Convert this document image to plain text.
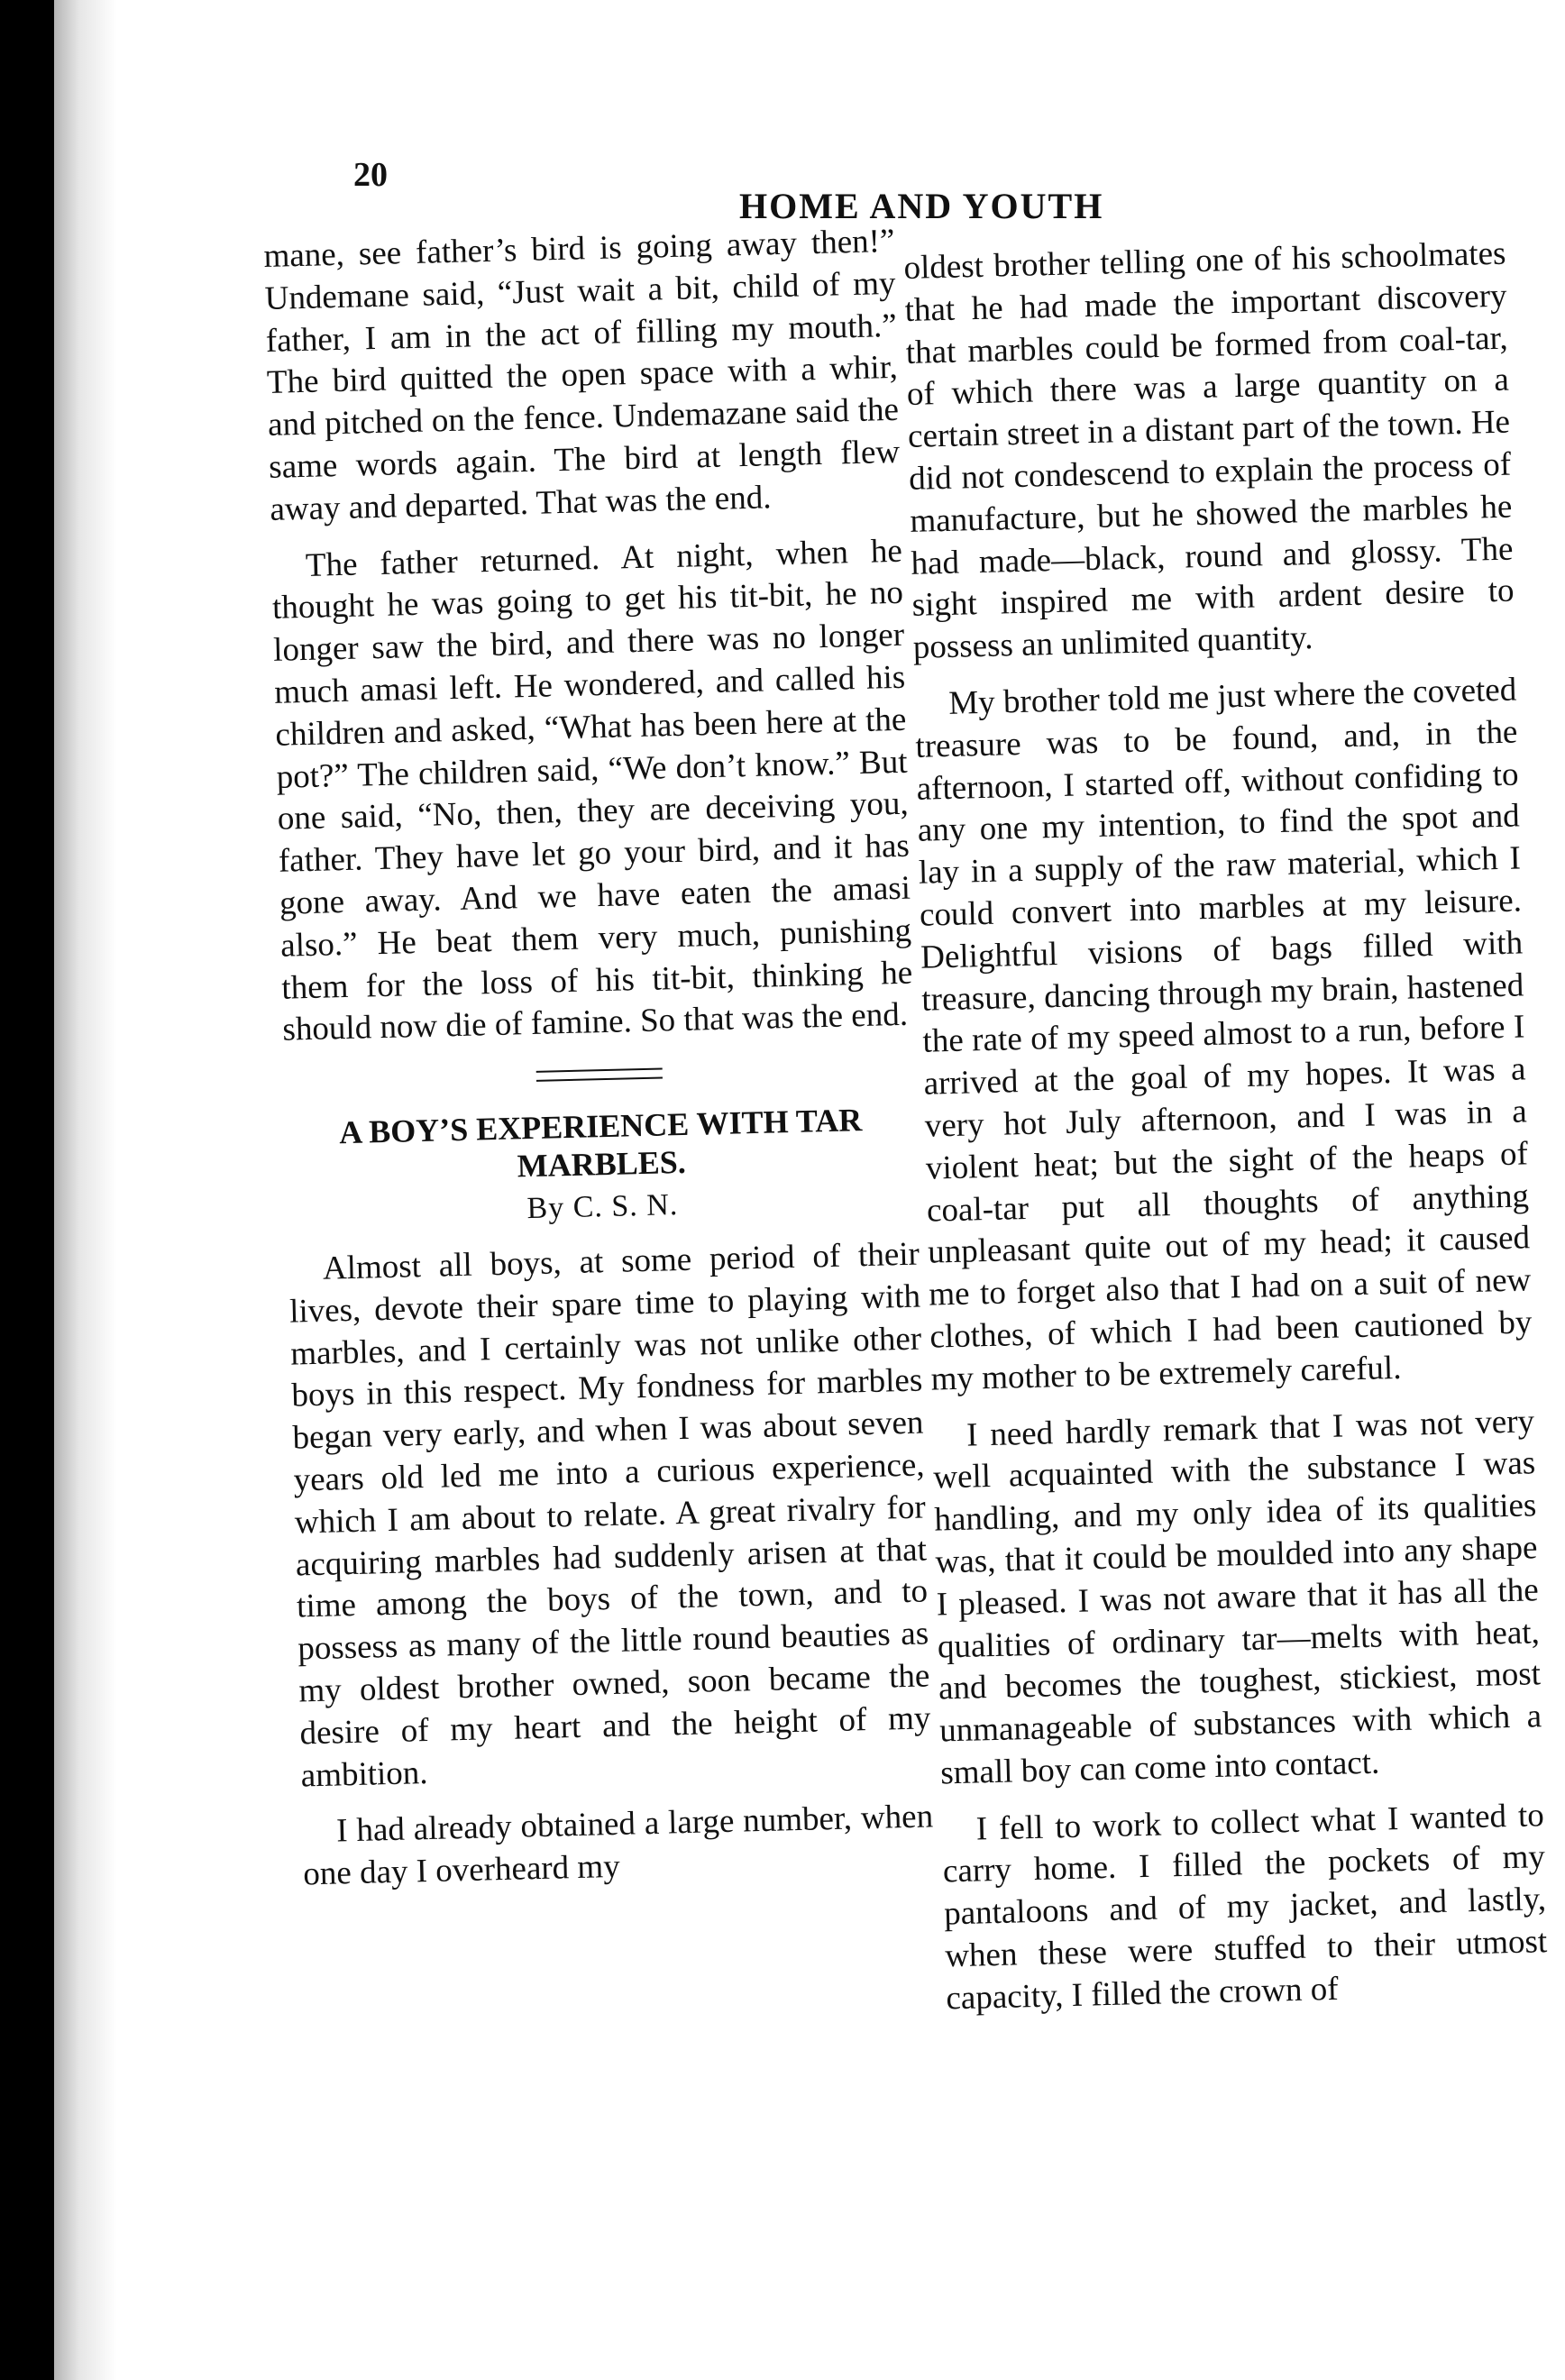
20
HOME AND YOUTH

mane, see father’s bird is going away then!” Undemane said, “Just wait a bit, child of my father, I am in the act of filling my mouth.” The bird quitted the open space with a whir, and pitched on the fence. Undemazane said the same words again. The bird at length flew away and departed. That was the end.

The father returned. At night, when he thought he was going to get his tit-bit, he no longer saw the bird, and there was no longer much amasi left. He wondered, and called his children and asked, “What has been here at the pot?” The children said, “We don’t know.” But one said, “No, then, they are deceiving you, father. They have let go your bird, and it has gone away. And we have eaten the amasi also.” He beat them very much, punishing them for the loss of his tit-bit, thinking he should now die of famine. So that was the end.

A BOY’S EXPERIENCE WITH TAR MARBLES.
By C. S. N.

Almost all boys, at some period of their lives, devote their spare time to playing with marbles, and I certainly was not unlike other boys in this respect. My fondness for marbles began very early, and when I was about seven years old led me into a curious experience, which I am about to relate. A great rivalry for acquiring marbles had suddenly arisen at that time among the boys of the town, and to possess as many of the little round beauties as my oldest brother owned, soon became the desire of my heart and the height of my ambition.

I had already obtained a large number, when one day I overheard my

oldest brother telling one of his schoolmates that he had made the important discovery that marbles could be formed from coal-tar, of which there was a large quantity on a certain street in a distant part of the town. He did not condescend to explain the process of manufacture, but he showed the marbles he had made—black, round and glossy. The sight inspired me with ardent desire to possess an unlimited quantity.

My brother told me just where the coveted treasure was to be found, and, in the afternoon, I started off, without confiding to any one my intention, to find the spot and lay in a supply of the raw material, which I could convert into marbles at my leisure. Delightful visions of bags filled with treasure, dancing through my brain, hastened the rate of my speed almost to a run, before I arrived at the goal of my hopes. It was a very hot July afternoon, and I was in a violent heat; but the sight of the heaps of coal-tar put all thoughts of anything unpleasant quite out of my head; it caused me to forget also that I had on a suit of new clothes, of which I had been cautioned by my mother to be extremely careful.

I need hardly remark that I was not very well acquainted with the substance I was handling, and my only idea of its qualities was, that it could be moulded into any shape I pleased. I was not aware that it has all the qualities of ordinary tar—melts with heat, and becomes the toughest, stickiest, most unmanageable of substances with which a small boy can come into contact.

I fell to work to collect what I wanted to carry home. I filled the pockets of my pantaloons and of my jacket, and lastly, when these were stuffed to their utmost capacity, I filled the crown of
